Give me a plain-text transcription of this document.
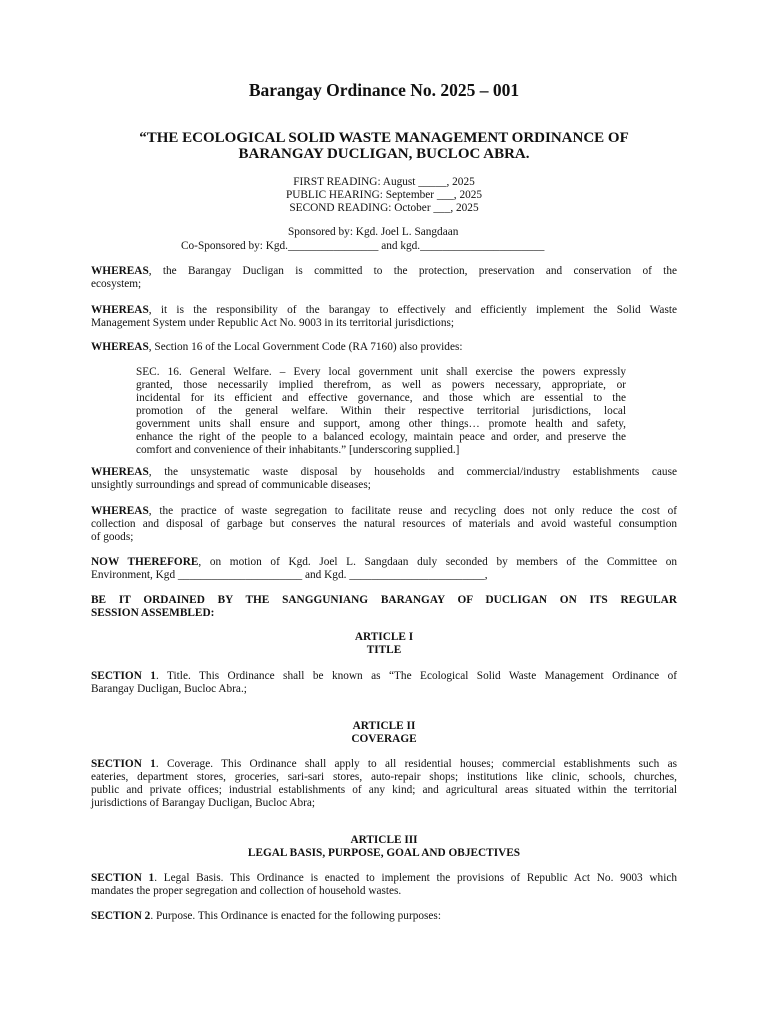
Barangay Ordinance No. 2025 – 001
“THE ECOLOGICAL SOLID WASTE MANAGEMENT ORDINANCE OF
BARANGAY DUCLIGAN, BUCLOC ABRA.
FIRST READING: August _____, 2025
PUBLIC HEARING: September ___, 2025
SECOND READING: October ___, 2025
Sponsored by: Kgd. Joel L. Sangdaan
Co-Sponsored by: Kgd.________________ and kgd.______________________
WHEREAS, the Barangay Ducligan is committed to the protection, preservation and conservation of the
ecosystem;
WHEREAS, it is the responsibility of the barangay to effectively and efficiently implement the Solid Waste
Management System under Republic Act No. 9003 in its territorial jurisdictions;
WHEREAS, Section 16 of the Local Government Code (RA 7160) also provides:
SEC. 16. General Welfare. – Every local government unit shall exercise the powers expressly
granted, those necessarily implied therefrom, as well as powers necessary, appropriate, or
incidental for its efficient and effective governance, and those which are essential to the
promotion of the general welfare. Within their respective territorial jurisdictions, local
government units shall ensure and support, among other things… promote health and safety,
enhance the right of the people to a balanced ecology, maintain peace and order, and preserve the
comfort and convenience of their inhabitants.” [underscoring supplied.]
WHEREAS, the unsystematic waste disposal by households and commercial/industry establishments cause
unsightly surroundings and spread of communicable diseases;
WHEREAS, the practice of waste segregation to facilitate reuse and recycling does not only reduce the cost of
collection and disposal of garbage but conserves the natural resources of materials and avoid wasteful consumption
of goods;
NOW THEREFORE, on motion of Kgd. Joel L. Sangdaan duly seconded by members of the Committee on
Environment, Kgd ______________________ and Kgd. ________________________,
BE IT ORDAINED BY THE SANGGUNIANG BARANGAY OF DUCLIGAN ON ITS REGULAR
SESSION ASSEMBLED:
ARTICLE I
TITLE
SECTION 1. Title. This Ordinance shall be known as “The Ecological Solid Waste Management Ordinance of
Barangay Ducligan, Bucloc Abra.;
ARTICLE II
COVERAGE
SECTION 1. Coverage. This Ordinance shall apply to all residential houses; commercial establishments such as
eateries, department stores, groceries, sari-sari stores, auto-repair shops; institutions like clinic, schools, churches,
public and private offices; industrial establishments of any kind; and agricultural areas situated within the territorial
jurisdictions of Barangay Ducligan, Bucloc Abra;
ARTICLE III
LEGAL BASIS, PURPOSE, GOAL AND OBJECTIVES
SECTION 1. Legal Basis. This Ordinance is enacted to implement the provisions of Republic Act No. 9003 which
mandates the proper segregation and collection of household wastes.
SECTION 2. Purpose. This Ordinance is enacted for the following purposes:
